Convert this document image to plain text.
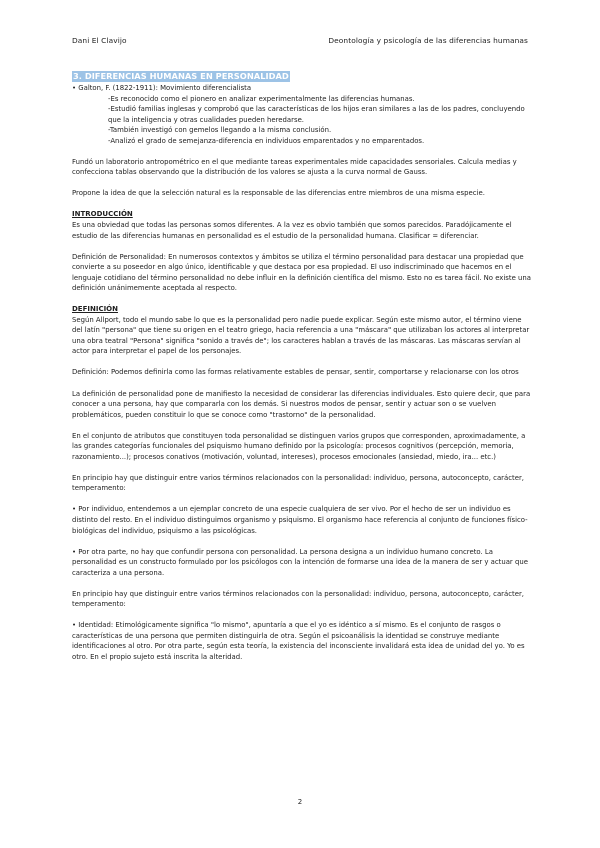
Dani El Clavijo	Deontología y psicología de las diferencias humanas
3. DIFERENCIAS HUMANAS EN PERSONALIDAD

• Galton, F. (1822-1911): Movimiento diferencialista

-Es reconocido como el pionero en analizar experimentalmente las diferencias humanas.

-Estudió familias inglesas y comprobó que las características de los hijos eran similares a las de los padres, concluyendo que la inteligencia y otras cualidades pueden heredarse.

-También investigó con gemelos llegando a la misma conclusión.

-Analizó el grado de semejanza-diferencia en individuos emparentados y no emparentados.

Fundó un laboratorio antropométrico en el que mediante tareas experimentales mide capacidades sensoriales. Calcula medias y confecciona tablas observando que la distribución de los valores se ajusta a la curva normal de Gauss.

Propone la idea de que la selección natural es la responsable de las diferencias entre miembros de una misma especie.

INTRODUCCIÓN

Es una obviedad que todas las personas somos diferentes. A la vez es obvio también que somos parecidos. Paradójicamente el estudio de las diferencias humanas en personalidad es el estudio de la personalidad humana. Clasificar = diferenciar.

Definición de Personalidad: En numerosos contextos y ámbitos se utiliza el término personalidad para destacar una propiedad que convierte a su poseedor en algo único, identificable y que destaca por esa propiedad. El uso indiscriminado que hacemos en el lenguaje cotidiano del término personalidad no debe influir en la definición científica del mismo. Esto no es tarea fácil. No existe una definición unánimemente aceptada al respecto.

DEFINICIÓN

Según Allport, todo el mundo sabe lo que es la personalidad pero nadie puede explicar. Según este mismo autor, el término viene del latín "persona" que tiene su origen en el teatro griego, hacia referencia a una "máscara" que utilizaban los actores al interpretar una obra teatral "Persona" significa "sonido a través de"; los caracteres hablan a través de las máscaras. Las máscaras servían al actor para interpretar el papel de los personajes.

Definición: Podemos definirla como las formas relativamente estables de pensar, sentir, comportarse y relacionarse con los otros

La definición de personalidad pone de manifiesto la necesidad de considerar las diferencias individuales. Esto quiere decir, que para conocer a una persona, hay que compararla con los demás. Si nuestros modos de pensar, sentir y actuar son o se vuelven problemáticos, pueden constituir lo que se conoce como "trastorno" de la personalidad.

En el conjunto de atributos que constituyen toda personalidad se distinguen varios grupos que corresponden, aproximadamente, a las grandes categorías funcionales del psiquismo humano definido por la psicología: procesos cognitivos (percepción, memoria, razonamiento...); procesos conativos (motivación, voluntad, intereses), procesos emocionales (ansiedad, miedo, ira... etc.)

En principio hay que distinguir entre varios términos relacionados con la personalidad: individuo, persona, autoconcepto, carácter, temperamento:

• Por individuo, entendemos a un ejemplar concreto de una especie cualquiera de ser vivo. Por el hecho de ser un individuo es distinto del resto. En el individuo distinguimos organismo y psiquismo. El organismo hace referencia al conjunto de funciones físico-biológicas del individuo, psiquismo a las psicológicas.

• Por otra parte, no hay que confundir persona con personalidad. La persona designa a un individuo humano concreto. La personalidad es un constructo formulado por los psicólogos con la intención de formarse una idea de la manera de ser y actuar que caracteriza a una persona.

En principio hay que distinguir entre varios términos relacionados con la personalidad: individuo, persona, autoconcepto, carácter, temperamento:

• Identidad: Etimológicamente significa "lo mismo", apuntaría a que el yo es idéntico a sí mismo. Es el conjunto de rasgos o características de una persona que permiten distinguirla de otra. Según el psicoanálisis la identidad se construye mediante identificaciones al otro. Por otra parte, según esta teoría, la existencia del inconsciente invalidará esta idea de unidad del yo. Yo es otro. En el propio sujeto está inscrita la alteridad.

2
